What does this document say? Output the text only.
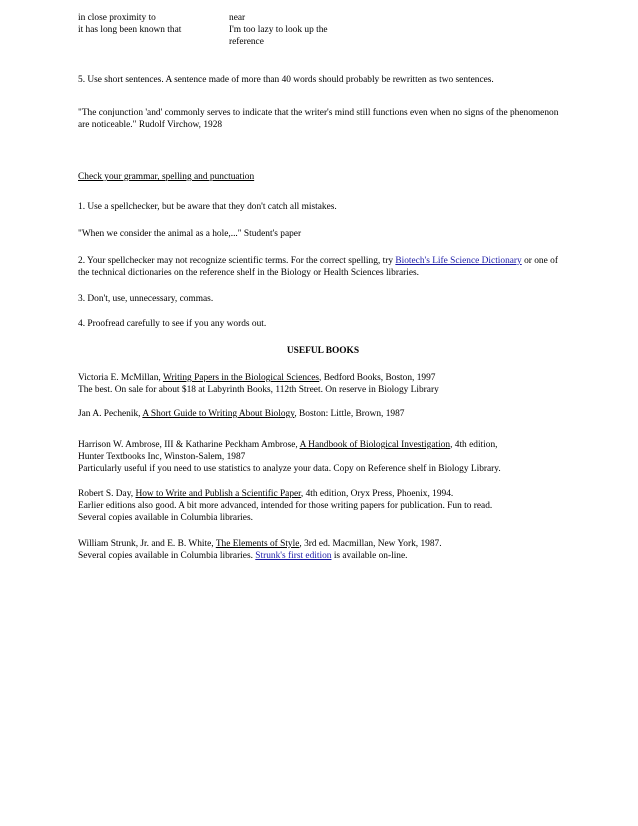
in close proximity to	near
it has long been known that	I'm too lazy to look up the
reference
5. Use short sentences. A sentence made of more than 40 words should probably be rewritten as two sentences.
"The conjunction 'and' commonly serves to indicate that the writer's mind still functions even when no signs of the phenomenon are noticeable." Rudolf Virchow, 1928
Check your grammar, spelling and punctuation
1. Use a spellchecker, but be aware that they don't catch all mistakes.
"When we consider the animal as a hole,..." Student's paper
2. Your spellchecker may not recognize scientific terms. For the correct spelling, try Biotech's Life Science Dictionary or one of the technical dictionaries on the reference shelf in the Biology or Health Sciences libraries.
3. Don't, use, unnecessary, commas.
4. Proofread carefully to see if you any words out.
USEFUL BOOKS
Victoria E. McMillan, Writing Papers in the Biological Sciences, Bedford Books, Boston, 1997
The best. On sale for about $18 at Labyrinth Books, 112th Street. On reserve in Biology Library
Jan A. Pechenik, A Short Guide to Writing About Biology, Boston: Little, Brown, 1987
Harrison W. Ambrose, III & Katharine Peckham Ambrose, A Handbook of Biological Investigation, 4th edition,
Hunter Textbooks Inc, Winston-Salem, 1987
Particularly useful if you need to use statistics to analyze your data. Copy on Reference shelf in Biology Library.
Robert S. Day, How to Write and Publish a Scientific Paper, 4th edition, Oryx Press, Phoenix, 1994.
Earlier editions also good. A bit more advanced, intended for those writing papers for publication. Fun to read.
Several copies available in Columbia libraries.
William Strunk, Jr. and E. B. White, The Elements of Style, 3rd ed. Macmillan, New York, 1987.
Several copies available in Columbia libraries. Strunk's first edition is available on-line.
